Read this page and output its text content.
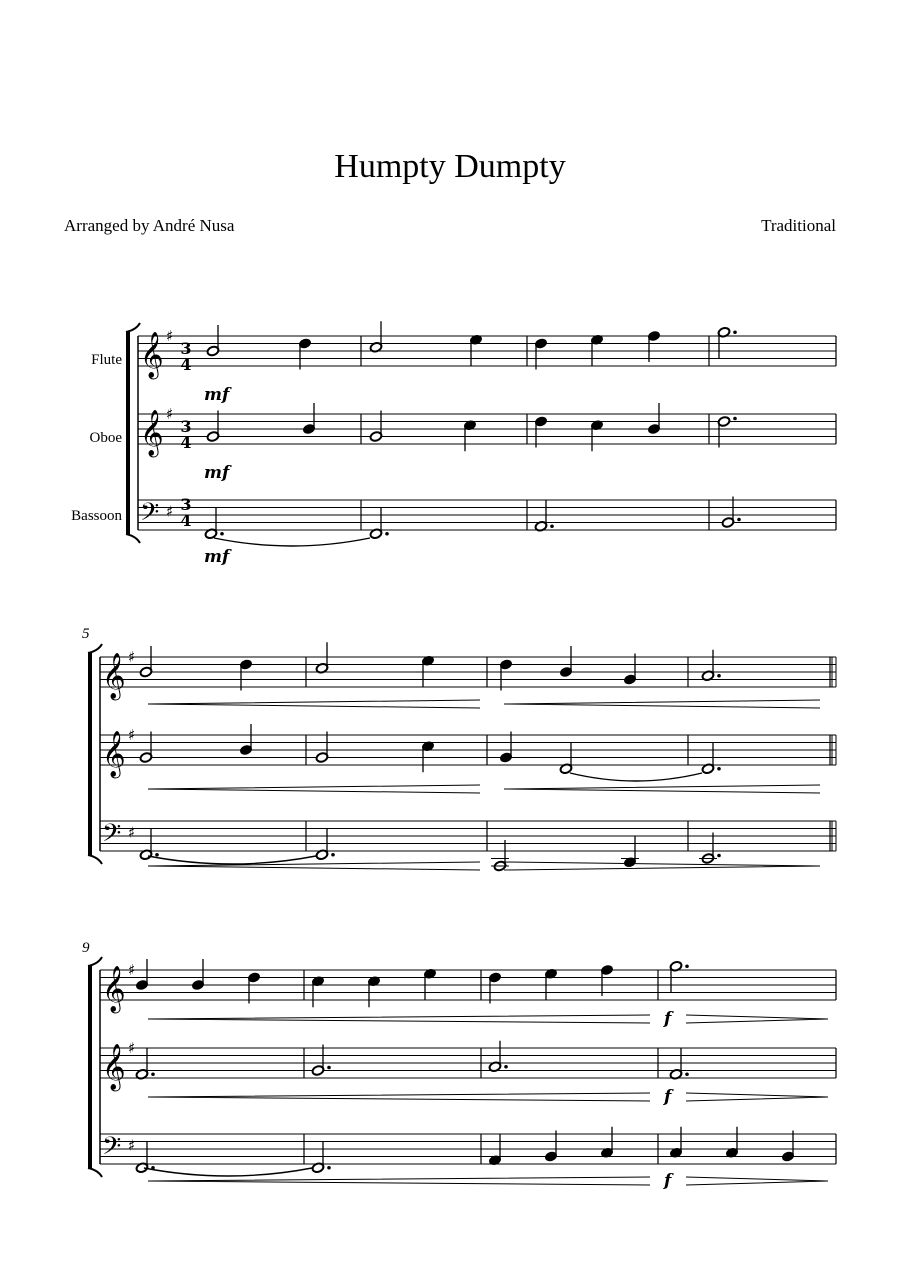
Humpty Dumpty
Arranged by André Nusa	Traditional
𝄞 ♯
𝄞 ♯
𝄢 ♯
𝄞 ♯
𝄞 ♯
𝄢 ♯
𝄞 ♯
𝄞 ♯
𝄢 ♯
Flute
Oboe
Bassoon
5
9
3
4
3
4
3
4
mf
mf
mf
f
f
f
